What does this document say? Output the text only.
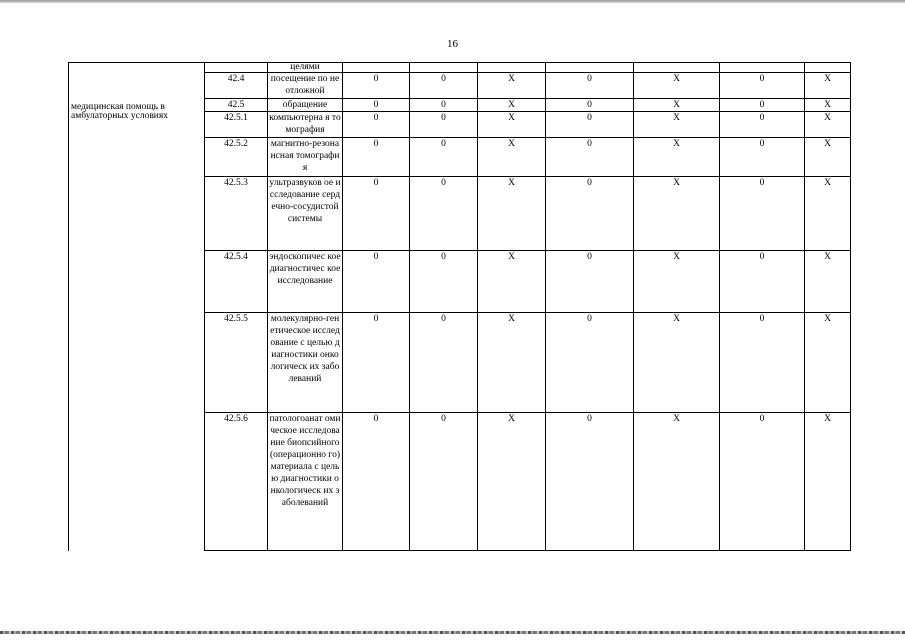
16
медицинская помощь в амбулаторных условиях		целями							
	42.4	посещение по неотложной	0	0	X	0	X	0	X
	42.5	обращение	0	0	X	0	X	0	X
	42.5.1	компьютерна я томография	0	0	X	0	X	0	X
	42.5.2	магнитно-резонансная томография	0	0	X	0	X	0	X
	42.5.3	ультразвуков ое исследование сердечно-сосудистой системы	0	0	X	0	X	0	X
	42.5.4	эндоскопичес кое диагностичес кое исследование	0	0	X	0	X	0	X
	42.5.5	молекулярно-генетическое исследование с целью диагностики онкологическ их заболеваний	0	0	X	0	X	0	X
	42.5.6	патологоанат омическое исследование биопсийного (операционно го) материала с целью диагностики онкологическ их заболеваний	0	0	X	0	X	0	X
